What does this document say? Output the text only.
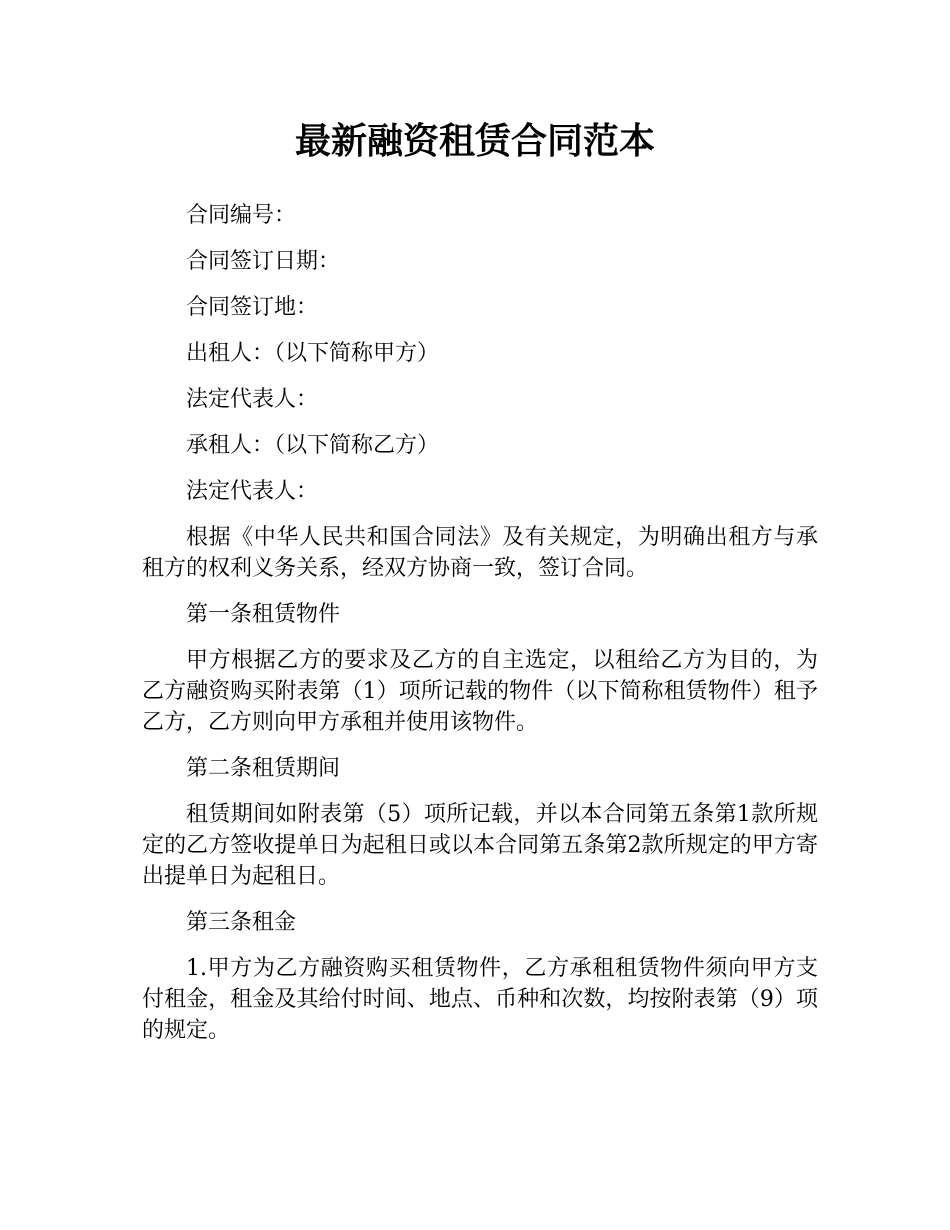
最新融资租赁合同范本

合同编号：

合同签订日期：

合同签订地：

出租人：（以下简称甲方）

法定代表人：

承租人：（以下简称乙方）

法定代表人：

根据《中华人民共和国合同法》及有关规定，为明确出租方与承租方的权利义务关系，经双方协商一致，签订合同。

第一条租赁物件

甲方根据乙方的要求及乙方的自主选定，以租给乙方为目的，为乙方融资购买附表第（1）项所记载的物件（以下简称租赁物件）租予乙方，乙方则向甲方承租并使用该物件。

第二条租赁期间

租赁期间如附表第（5）项所记载，并以本合同第五条第1款所规定的乙方签收提单日为起租日或以本合同第五条第2款所规定的甲方寄出提单日为起租日。

第三条租金

1.甲方为乙方融资购买租赁物件，乙方承租租赁物件须向甲方支付租金，租金及其给付时间、地点、币种和次数，均按附表第（9）项的规定。
